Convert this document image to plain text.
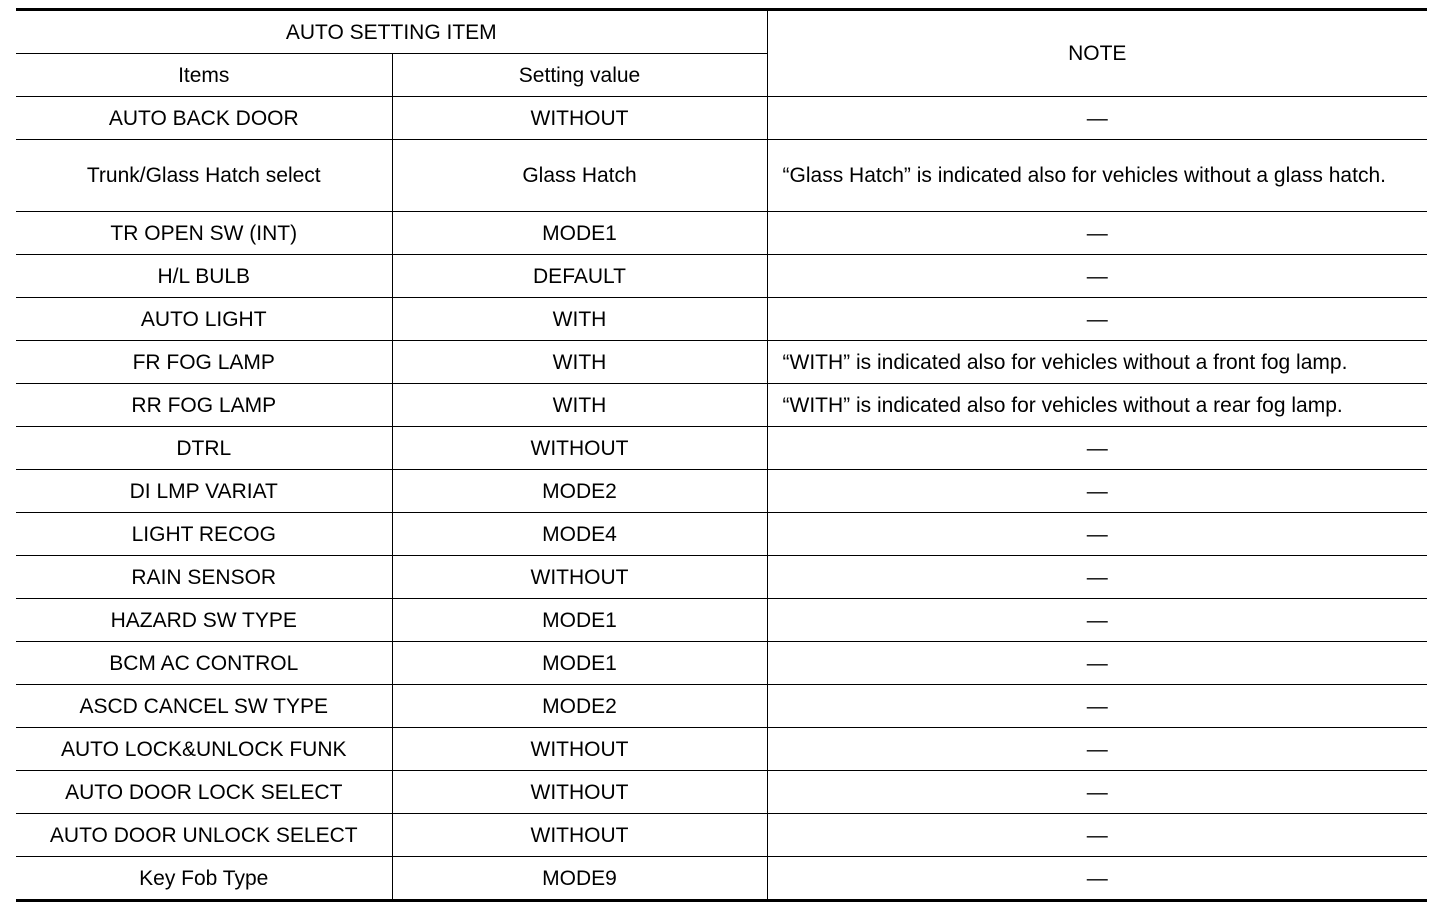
AUTO SETTING ITEM		NOTE
Items	Setting value	
AUTO BACK DOOR	WITHOUT	—
Trunk/Glass Hatch select	Glass Hatch	“Glass Hatch” is indicated also for vehicles without a glass hatch.
TR OPEN SW (INT)	MODE1	—
H/L BULB	DEFAULT	—
AUTO LIGHT	WITH	—
FR FOG LAMP	WITH	“WITH” is indicated also for vehicles without a front fog lamp.
RR FOG LAMP	WITH	“WITH” is indicated also for vehicles without a rear fog lamp.
DTRL	WITHOUT	—
DI LMP VARIAT	MODE2	—
LIGHT RECOG	MODE4	—
RAIN SENSOR	WITHOUT	—
HAZARD SW TYPE	MODE1	—
BCM AC CONTROL	MODE1	—
ASCD CANCEL SW TYPE	MODE2	—
AUTO LOCK&UNLOCK FUNK	WITHOUT	—
AUTO DOOR LOCK SELECT	WITHOUT	—
AUTO DOOR UNLOCK SELECT	WITHOUT	—
Key Fob Type	MODE9	—
